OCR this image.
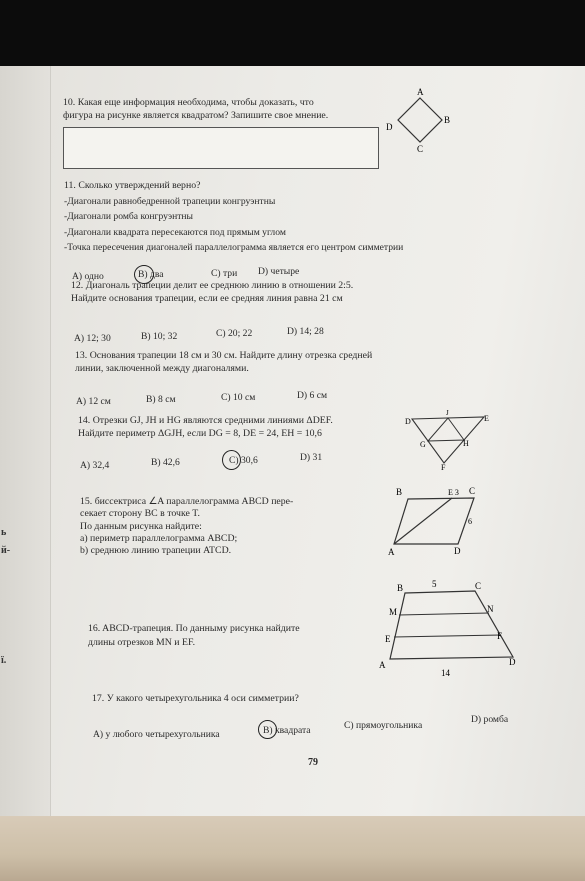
ь
й-
ї.
10. Какая еще информация необходима, чтобы доказать, что
фигура на рисунке является квадратом? Запишите свое мнение.
A
B
C
D
11. Сколько утверждений верно?
-Диагонали равнобедренной трапеции конгруэнтны
-Диагонали ромба конгруэнтны
-Диагонали квадрата пересекаются под прямым углом
-Точка пересечения диагоналей параллелограмма является его центром симметрии
A) одно	B) два	C) три D) четыре
12. Диагональ трапеции делит ее среднюю линию в отношении 2:5.
Найдите основания трапеции, если ее средняя линия равна 21 см
A) 12; 30	B) 10; 32	C) 20; 22	D) 14; 28
13. Основания трапеции 18 см и 30 см. Найдите длину отрезка средней
линии, заключенной между диагоналями.
A) 12 см	B) 8 см	C) 10 см	D) 6 см
14. Отрезки GJ, JH и HG являются средними линиями ΔDEF.
Найдите периметр ΔGJH, если DG = 8, DE = 24, EH = 10,6
A) 32,4	B) 42,6	C) 30,6	D) 31
D	E
F
G	H
J
15. биссектриса ∠A параллелограмма ABCD пере-
секает сторону BC в точке T.
По данным рисунка найдите:
a) периметр параллелограмма ABCD;
b) среднюю линию трапеции ATCD.
B	E 3 C
6
A	D
16. ABCD-трапеция. По данныму рисунка найдите
длины отрезков MN и EF.
B	5	C
M	N
E	F
A	D
14
17. У какого четырехугольника 4 оси симметрии?
A) у любого четырехугольника	B) квадрата	C) прямоугольника
D) ромба
79
